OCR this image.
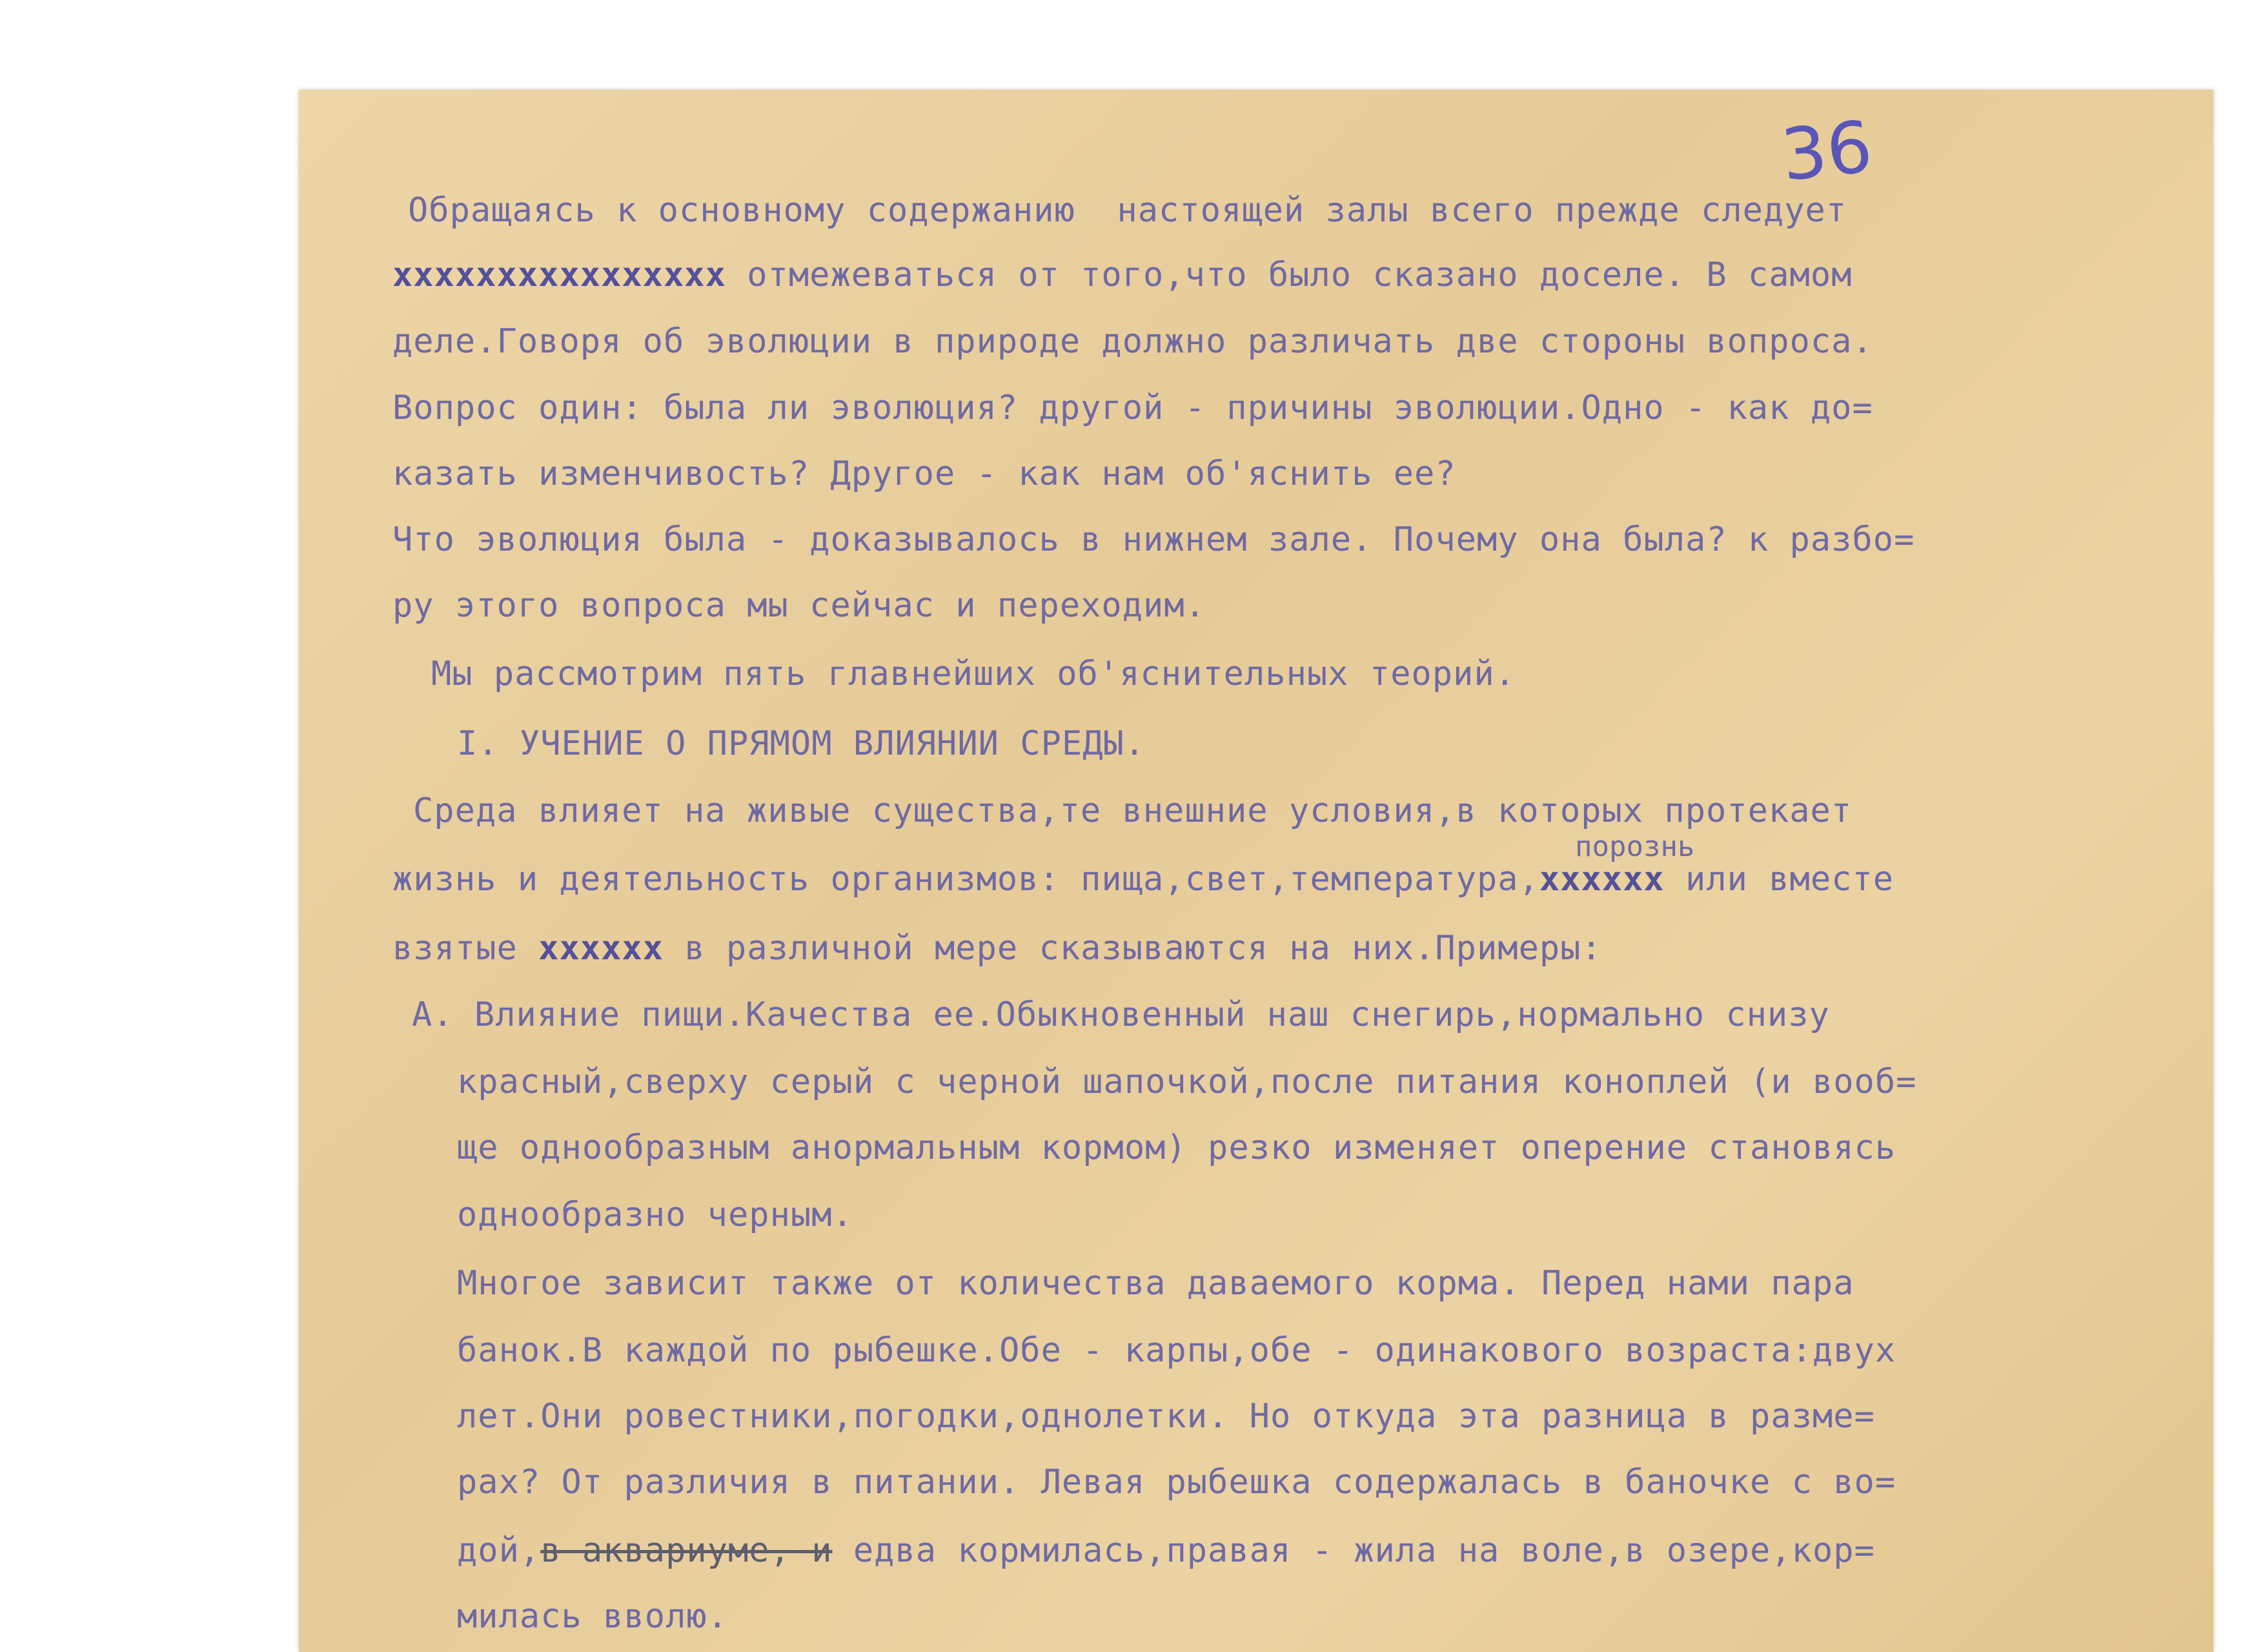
36
Обращаясь к основному содержанию  настоящей залы всего прежде следует
xxxxxxxxxxxxxxxx отмежеваться от того,что было сказано доселе. В самом
деле.Говоря об эволюции в природе должно различать две стороны вопроса.
Вопрос один: была ли эволюция? другой - причины эволюции.Одно - как до=
казать изменчивость? Другое - как нам об'яснить ее?
Что эволюция была - доказывалось в нижнем зале. Почему она была? к разбо=
ру этого вопроса мы сейчас и переходим.
Мы рассмотрим пять главнейших об'яснительных теорий.
I. УЧЕНИЕ О ПРЯМОМ ВЛИЯНИИ СРЕДЫ.
Среда влияет на живые существа,те внешние условия,в которых протекает
порознь
жизнь и деятельность организмов: пища,свет,температура,xxxxxx или вместе
взятые xxxxxx в различной мере сказываются на них.Примеры:
А. Влияние пищи.Качества ее.Обыкновенный наш снегирь,нормально снизу
красный,сверху серый с черной шапочкой,после питания коноплей (и вооб=
ще однообразным анормальным кормом) резко изменяет оперение становясь
однообразно черным.
Многое зависит также от количества даваемого корма. Перед нами пара
банок.В каждой по рыбешке.Обе - карпы,обе - одинакового возраста:двух
лет.Они ровестники,погодки,однолетки. Но откуда эта разница в разме=
рах? От различия в питании. Левая рыбешка содержалась в баночке с во=
дой,в аквариуме, и едва кормилась,правая - жила на воле,в озере,кор=
милась вволю.
